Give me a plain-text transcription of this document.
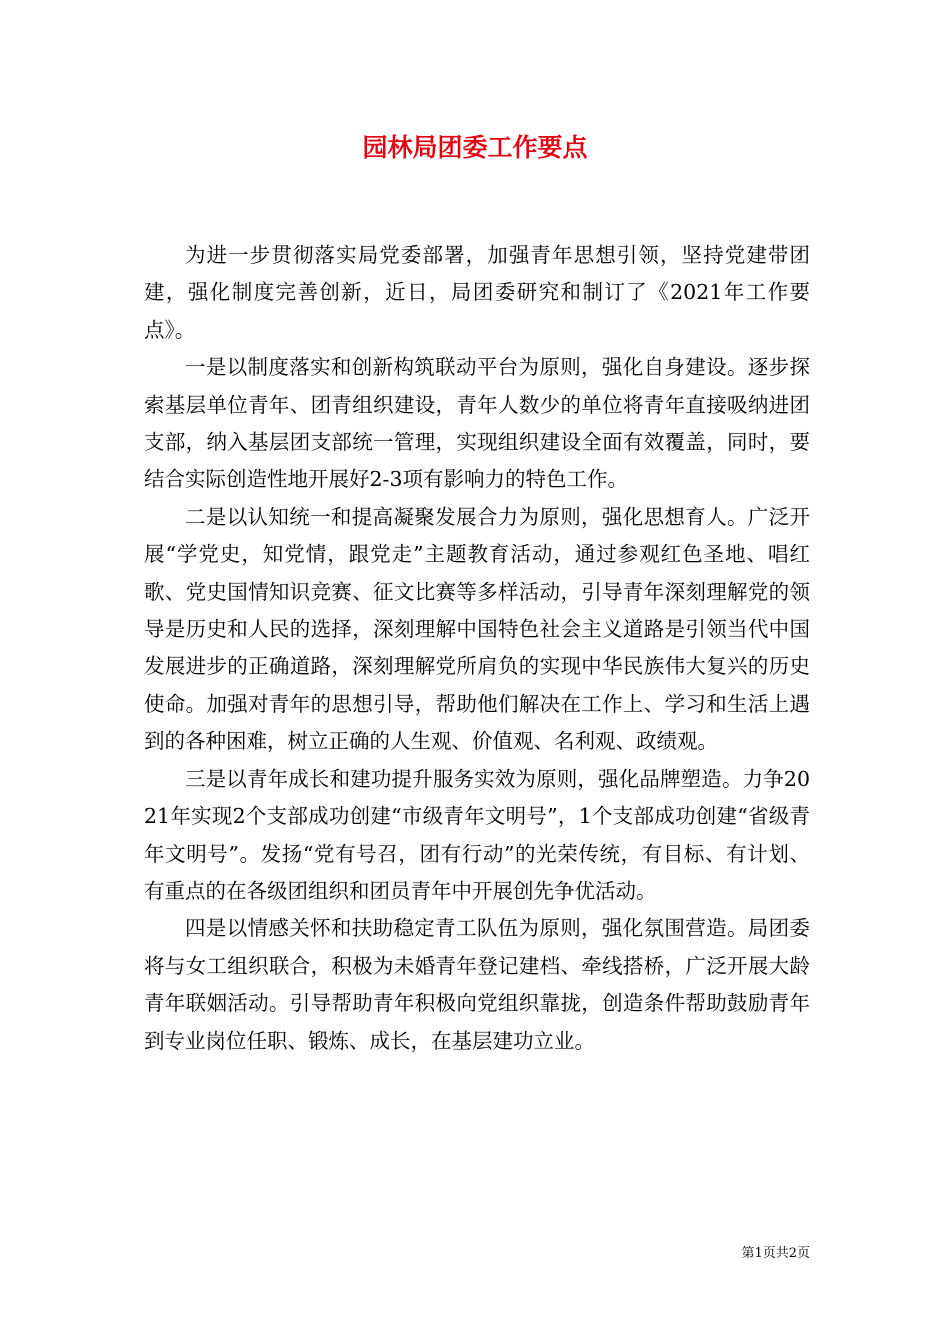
园林局团委工作要点

为进一步贯彻落实局党委部署，加强青年思想引领，坚持党建带团建，强化制度完善创新，近日，局团委研究和制订了《2021年工作要点》。

一是以制度落实和创新构筑联动平台为原则，强化自身建设。逐步探索基层单位青年、团青组织建设，青年人数少的单位将青年直接吸纳进团支部，纳入基层团支部统一管理，实现组织建设全面有效覆盖，同时，要结合实际创造性地开展好2-3项有影响力的特色工作。

二是以认知统一和提高凝聚发展合力为原则，强化思想育人。广泛开展“学党史，知党情，跟党走”主题教育活动，通过参观红色圣地、唱红歌、党史国情知识竞赛、征文比赛等多样活动，引导青年深刻理解党的领导是历史和人民的选择，深刻理解中国特色社会主义道路是引领当代中国发展进步的正确道路，深刻理解党所肩负的实现中华民族伟大复兴的历史使命。加强对青年的思想引导，帮助他们解决在工作上、学习和生活上遇到的各种困难，树立正确的人生观、价值观、名利观、政绩观。

三是以青年成长和建功提升服务实效为原则，强化品牌塑造。力争2021年实现2个支部成功创建“市级青年文明号”，1个支部成功创建“省级青年文明号”。发扬“党有号召，团有行动”的光荣传统，有目标、有计划、有重点的在各级团组织和团员青年中开展创先争优活动。

四是以情感关怀和扶助稳定青工队伍为原则，强化氛围营造。局团委将与女工组织联合，积极为未婚青年登记建档、牵线搭桥，广泛开展大龄青年联姻活动。引导帮助青年积极向党组织靠拢，创造条件帮助鼓励青年到专业岗位任职、锻炼、成长，在基层建功立业。

第1页共2页
